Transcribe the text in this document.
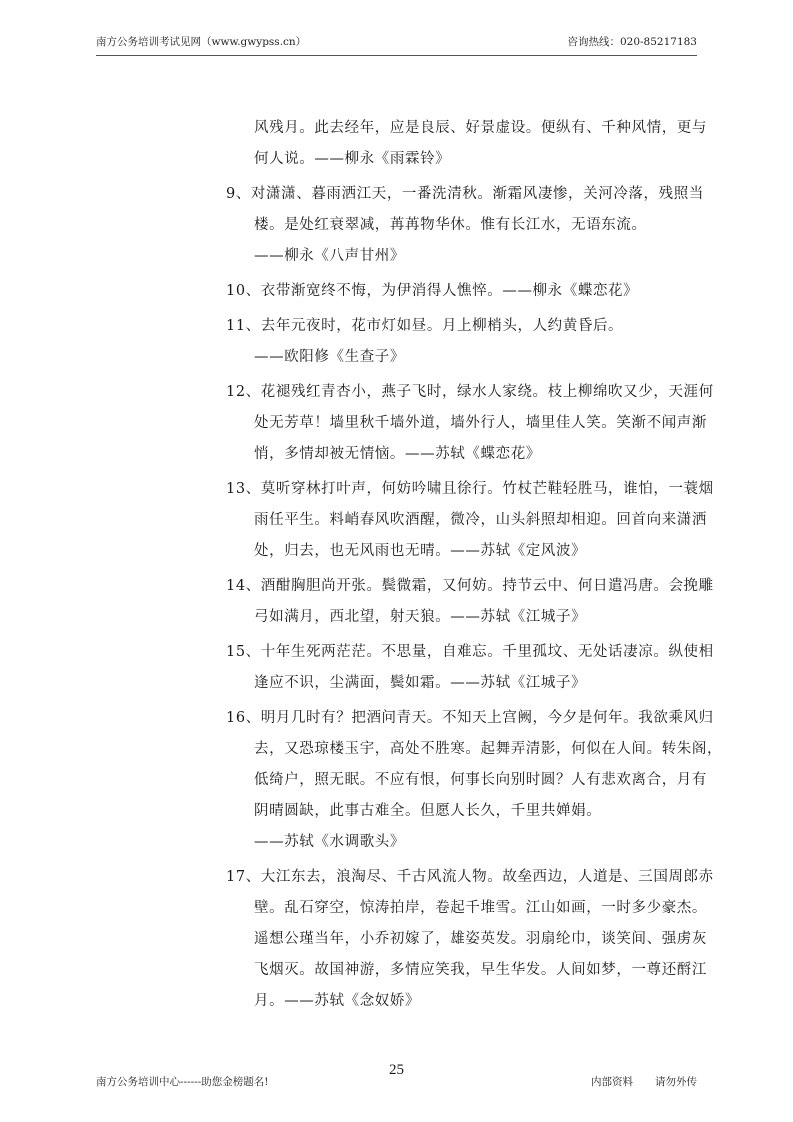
南方公务培训考试见网（www.gwypss.cn）	咨询热线：020-85217183
风残月。此去经年，应是良辰、好景虚设。便纵有、千种风情，更与
何人说。——柳永《雨霖铃》
9、对潇潇、暮雨洒江天，一番洗清秋。渐霜风凄惨，关河冷落，残照当
楼。是处红衰翠减，苒苒物华休。惟有长江水，无语东流。
——柳永《八声甘州》
10、衣带渐宽终不悔，为伊消得人憔悴。——柳永《蝶恋花》
11、去年元夜时，花市灯如昼。月上柳梢头，人约黄昏后。
——欧阳修《生查子》
12、花褪残红青杏小，燕子飞时，绿水人家绕。枝上柳绵吹又少，天涯何
处无芳草！墙里秋千墙外道，墙外行人，墙里佳人笑。笑渐不闻声渐
悄，多情却被无情恼。——苏轼《蝶恋花》
13、莫听穿林打叶声，何妨吟啸且徐行。竹杖芒鞋轻胜马，谁怕，一蓑烟
雨任平生。料峭春风吹酒醒，微冷，山头斜照却相迎。回首向来潇洒
处，归去，也无风雨也无晴。——苏轼《定风波》
14、酒酣胸胆尚开张。鬓微霜，又何妨。持节云中、何日遣冯唐。会挽雕
弓如满月，西北望，射天狼。——苏轼《江城子》
15、十年生死两茫茫。不思量，自难忘。千里孤坟、无处话凄凉。纵使相
逢应不识，尘满面，鬓如霜。——苏轼《江城子》
16、明月几时有？把酒问青天。不知天上宫阙，今夕是何年。我欲乘风归
去，又恐琼楼玉宇，高处不胜寒。起舞弄清影，何似在人间。转朱阁，
低绮户，照无眠。不应有恨，何事长向别时圆？人有悲欢离合，月有
阴晴圆缺，此事古难全。但愿人长久，千里共婵娟。
——苏轼《水调歌头》
17、大江东去，浪淘尽、千古风流人物。故垒西边，人道是、三国周郎赤
壁。乱石穿空，惊涛拍岸，卷起千堆雪。江山如画，一时多少豪杰。
遥想公瑾当年，小乔初嫁了，雄姿英发。羽扇纶巾，谈笑间、强虏灰
飞烟灭。故国神游，多情应笑我，早生华发。人间如梦，一尊还酹江
月。——苏轼《念奴娇》
25
南方公务培训中心------助您金榜题名!	内部资料 请勿外传
